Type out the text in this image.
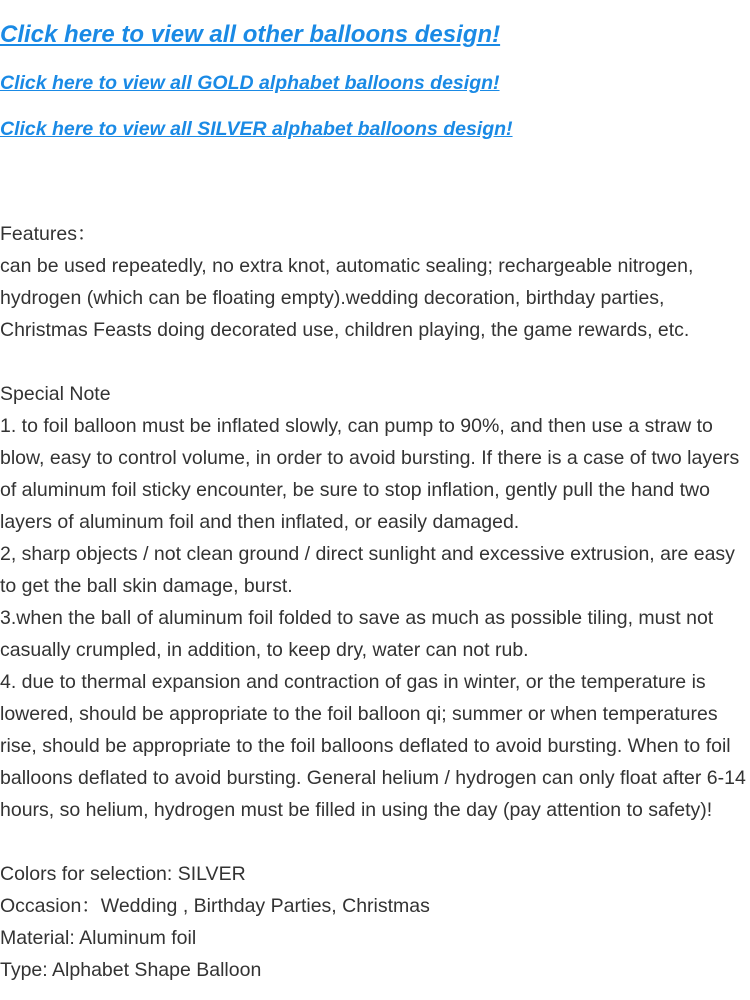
Click here to view all other balloons design!
Click here to view all GOLD alphabet balloons design!
Click here to view all SILVER alphabet balloons design!

Features：

can be used repeatedly, no extra knot, automatic sealing; rechargeable nitrogen, hydrogen (which can be floating empty).wedding decoration, birthday parties, Christmas Feasts doing decorated use, children playing, the game rewards, etc.

Special Note

1. to foil balloon must be inflated slowly, can pump to 90%, and then use a straw to blow, easy to control volume, in order to avoid bursting. If there is a case of two layers of aluminum foil sticky encounter, be sure to stop inflation, gently pull the hand two layers of aluminum foil and then inflated, or easily damaged.

2, sharp objects / not clean ground / direct sunlight and excessive extrusion, are easy to get the ball skin damage, burst.

3.when the ball of aluminum foil folded to save as much as possible tiling, must not casually crumpled, in addition, to keep dry, water can not rub.

4. due to thermal expansion and contraction of gas in winter, or the temperature is lowered, should be appropriate to the foil balloon qi; summer or when temperatures rise, should be appropriate to the foil balloons deflated to avoid bursting. When to foil balloons deflated to avoid bursting. General helium / hydrogen can only float after 6-14 hours, so helium, hydrogen must be filled in using the day (pay attention to safety)!

Colors for selection: SILVER

Occasion：Wedding , Birthday Parties, Christmas

Material: Aluminum foil

Type: Alphabet Shape Balloon
